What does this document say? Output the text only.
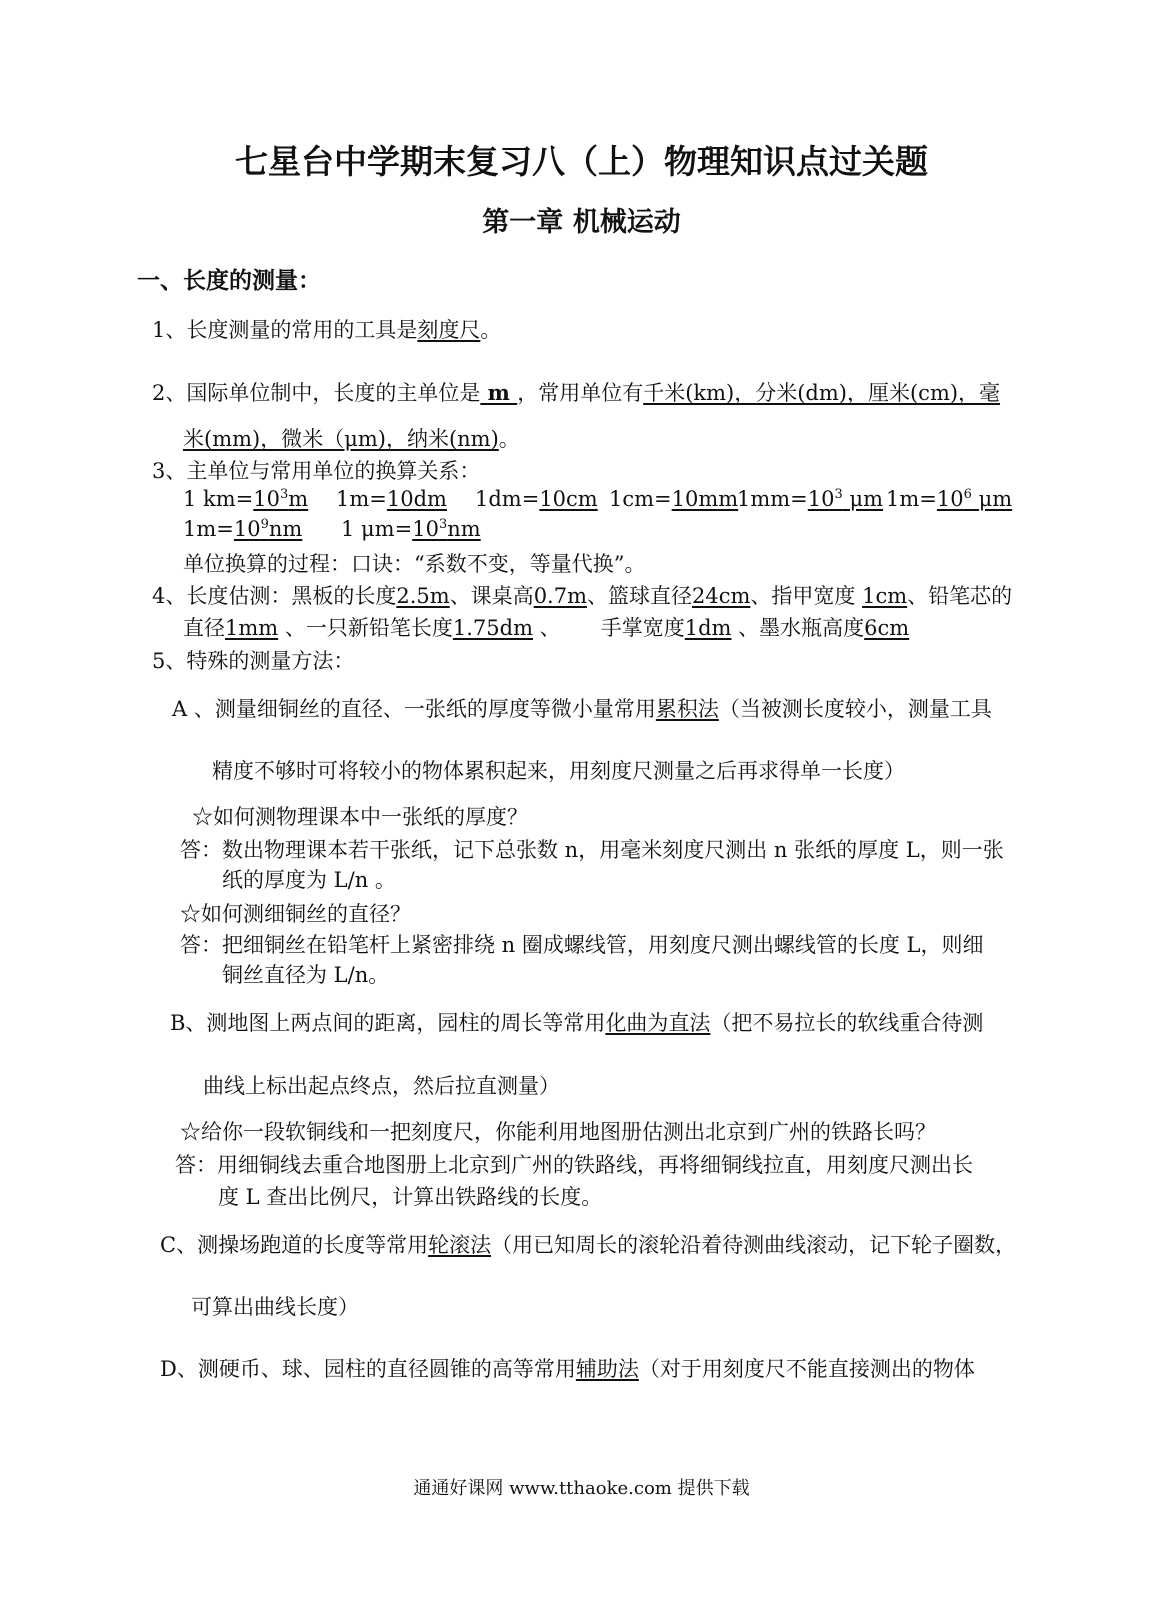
七星台中学期末复习八（上）物理知识点过关题
第一章 机械运动
一、长度的测量：
1、长度测量的常用的工具是刻度尺。
2、国际单位制中，长度的主单位是 m ，常用单位有千米(km)，分米(dm)，厘米(cm)，毫
米(mm)，微米（μm)，纳米(nm)。
3、主单位与常用单位的换算关系：
1 $km=10^3m$ 1m=10dm 1dm=10cm 1cm=10mm
$1mm=10^3$ μm $1m=10^6$ μm
$1m=10^9nm$ 1 $\mu m=10^3nm$
单位换算的过程：口诀：“系数不变，等量代换”。
4、长度估测：黑板的长度2.5m、课桌高0.7m、篮球直径24cm、指甲宽度 1cm、铅笔芯的
直径1mm 、一只新铅笔长度1.75dm 、      手掌宽度1dm 、墨水瓶高度6cm
5、特殊的测量方法：
A 、测量细铜丝的直径、一张纸的厚度等微小量常用累积法（当被测长度较小，测量工具
精度不够时可将较小的物体累积起来，用刻度尺测量之后再求得单一长度）
☆如何测物理课本中一张纸的厚度？
答：数出物理课本若干张纸，记下总张数 n，用毫米刻度尺测出 n 张纸的厚度 L，则一张
纸的厚度为 L/n 。
☆如何测细铜丝的直径？
答：把细铜丝在铅笔杆上紧密排绕 n 圈成螺线管，用刻度尺测出螺线管的长度 L，则细
铜丝直径为 L/n。
B、测地图上两点间的距离，园柱的周长等常用化曲为直法（把不易拉长的软线重合待测
曲线上标出起点终点，然后拉直测量）
☆给你一段软铜线和一把刻度尺，你能利用地图册估测出北京到广州的铁路长吗？
答：用细铜线去重合地图册上北京到广州的铁路线，再将细铜线拉直，用刻度尺测出长
度 L 查出比例尺，计算出铁路线的长度。
C、测操场跑道的长度等常用轮滚法（用已知周长的滚轮沿着待测曲线滚动，记下轮子圈数，
可算出曲线长度）
D、测硬币、球、园柱的直径圆锥的高等常用辅助法（对于用刻度尺不能直接测出的物体
通通好课网 www.tthaoke.com 提供下载
